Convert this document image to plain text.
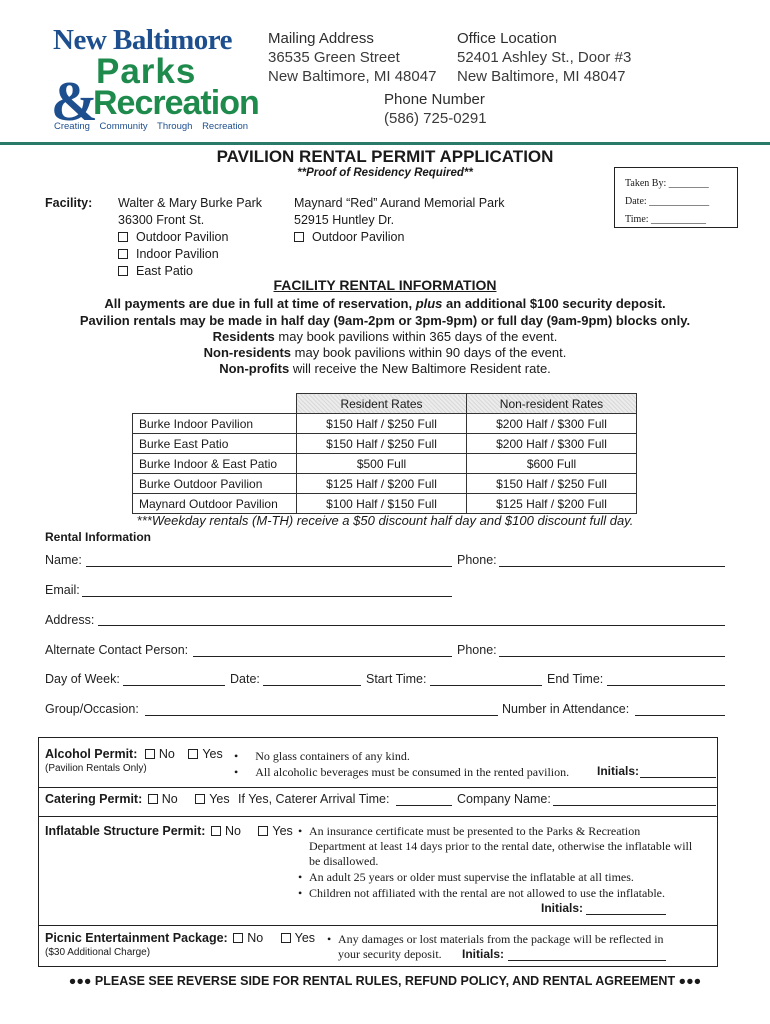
New Baltimore
Parks
&
Recreation
Creating Community Through Recreation
Mailing Address
36535 Green Street
New Baltimore, MI 48047
Office Location
52401 Ashley St., Door #3
New Baltimore, MI 48047
Phone Number
(586) 725-0291
PAVILION RENTAL PERMIT APPLICATION
**Proof of Residency Required**
Taken By: ________
Date: ____________
Time: ___________
Facility: Walter & Mary Burke Park
36300 Front St.
Outdoor Pavilion
Indoor Pavilion
East Patio
Maynard “Red” Aurand Memorial Park
52915 Huntley Dr.
Outdoor Pavilion
FACILITY RENTAL INFORMATION
All payments are due in full at time of reservation, plus an additional $100 security deposit.
Pavilion rentals may be made in half day (9am-2pm or 3pm-9pm) or full day (9am-9pm) blocks only.
Residents may book pavilions within 365 days of the event.
Non-residents may book pavilions within 90 days of the event.
Non-profits will receive the New Baltimore Resident rate.
	Resident Rates	Non-resident Rates
Burke Indoor Pavilion	$150 Half / $250 Full	$200 Half / $300 Full
Burke East Patio	$150 Half / $250 Full	$200 Half / $300 Full
Burke Indoor & East Patio	$500 Full	$600 Full
Burke Outdoor Pavilion	$125 Half / $200 Full	$150 Half / $250 Full
Maynard Outdoor Pavilion	$100 Half / $150 Full	$125 Half / $200 Full
***Weekday rentals (M-TH) receive a $50 discount half day and $100 discount full day.
Rental Information
Name:	Phone:
Email:
Address:
Alternate Contact Person:	Phone:
Day of Week:	Date:	Start Time:	End Time:
Group/Occasion:	Number in Attendance:
Alcohol Permit: No Yes
(Pavilion Rentals Only)
• No glass containers of any kind.
• All alcoholic beverages must be consumed in the rented pavilion. Initials:
Catering Permit: No	Yes If Yes, Caterer Arrival Time:	Company Name:
Inflatable Structure Permit: No	Yes • An insurance certificate must be presented to the Parks & Recreation Department at least 14 days prior to the rental date, otherwise the inflatable will be disallowed.
• An adult 25 years or older must supervise the inflatable at all times.
• Children not affiliated with the rental are not allowed to use the inflatable.
Initials:
Picnic Entertainment Package: No	Yes
($30 Additional Charge)
• Any damages or lost materials from the package will be reflected in your security deposit.	Initials:
●●● PLEASE SEE REVERSE SIDE FOR RENTAL RULES, REFUND POLICY, AND RENTAL AGREEMENT ●●●
